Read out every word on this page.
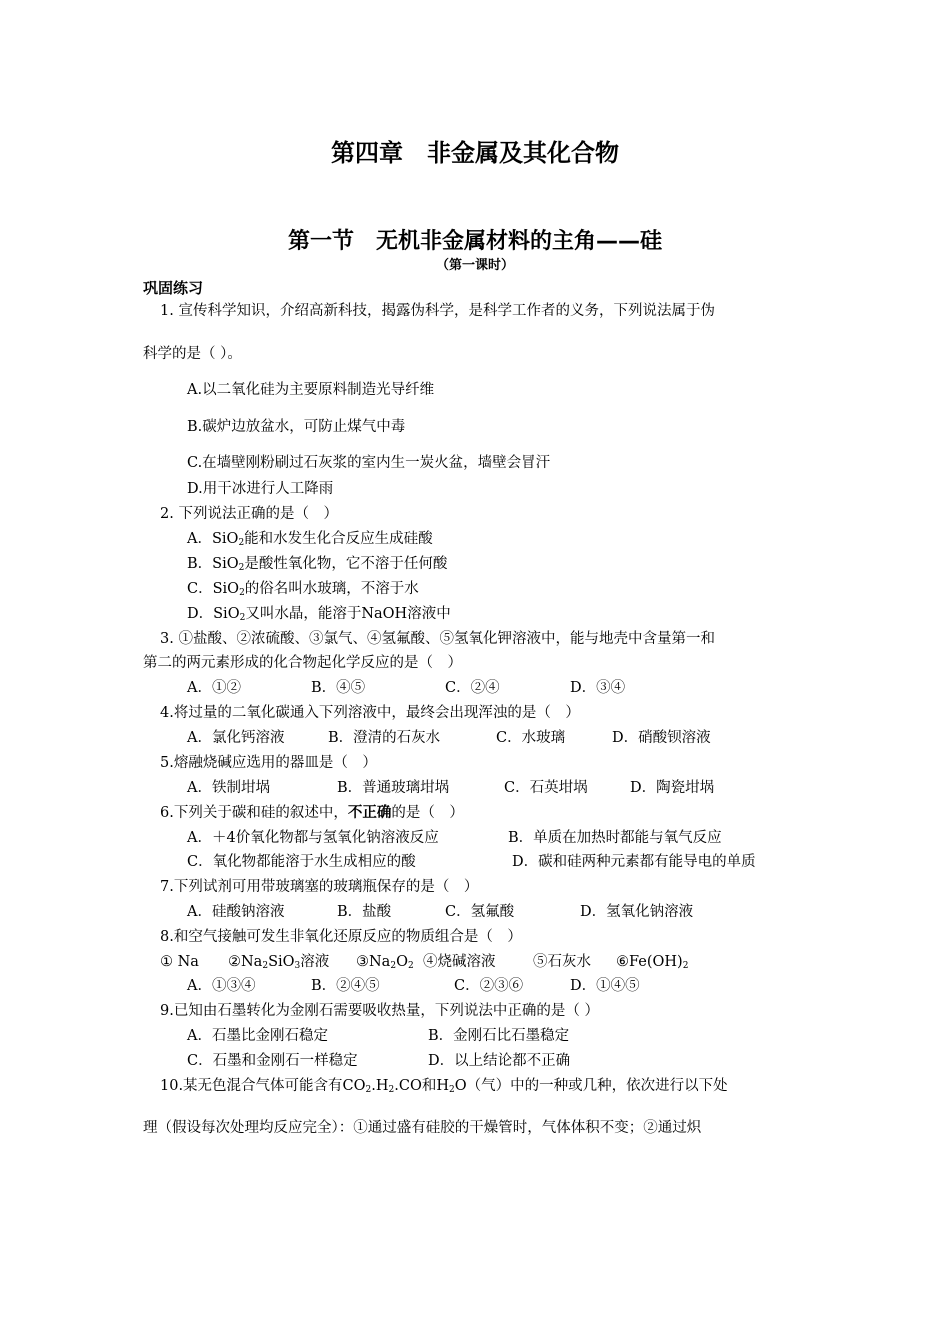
第四章　非金属及其化合物
第一节　无机非金属材料的主角——硅
（第一课时）
巩固练习
1. 宣传科学知识，介绍高新科技，揭露伪科学，是科学工作者的义务，下列说法属于伪
科学的是（ ）。
A.以二氧化硅为主要原料制造光导纤维
B.碳炉边放盆水，可防止煤气中毒
C.在墙壁刚粉刷过石灰浆的室内生一炭火盆，墙壁会冒汗
D.用干冰进行人工降雨
2. 下列说法正确的是（　）
A．SiO$_2$能和水发生化合反应生成硅酸
B．SiO$_2$是酸性氧化物，它不溶于任何酸
C．SiO$_2$的俗名叫水玻璃，不溶于水
D．SiO$_2$又叫水晶，能溶于NaOH溶液中
3. ①盐酸、②浓硫酸、③氯气、④氢氟酸、⑤氢氧化钾溶液中，能与地壳中含量第一和
第二的两元素形成的化合物起化学反应的是（　）
A．①②	B．④⑤	C．②④	D．③④
4.将过量的二氧化碳通入下列溶液中，最终会出现浑浊的是（　）
A．氯化钙溶液	B．澄清的石灰水	C．水玻璃	D．硝酸钡溶液
5.熔融烧碱应选用的器皿是（　）
A．铁制坩埚	B．普通玻璃坩埚	C．石英坩埚	D．陶瓷坩埚
6.下列关于碳和硅的叙述中，不正确的是（　）
A．＋4价氧化物都与氢氧化钠溶液反应	B．单质在加热时都能与氧气反应
C．氧化物都能溶于水生成相应的酸	D．碳和硅两种元素都有能导电的单质
7.下列试剂可用带玻璃塞的玻璃瓶保存的是（　）
A．硅酸钠溶液	B．盐酸	C．氢氟酸	D．氢氧化钠溶液
8.和空气接触可发生非氧化还原反应的物质组合是（　）
① Na $②Na_2SiO_3$溶液 $③Na_2O_2$ ④烧碱溶液	⑤石灰水 $⑥Fe(OH)_2$
A．①③④	B．②④⑤	C．②③⑥	D．①④⑤
9.已知由石墨转化为金刚石需要吸收热量，下列说法中正确的是（ ）
A．石墨比金刚石稳定	B．金刚石比石墨稳定
C．石墨和金刚石一样稳定	D．以上结论都不正确
10.某无色混合气体可能含有$CO_2.H_2.CO$和$H_2O$（气）中的一种或几种，依次进行以下处
理（假设每次处理均反应完全）：①通过盛有硅胶的干燥管时，气体体积不变；②通过炽
